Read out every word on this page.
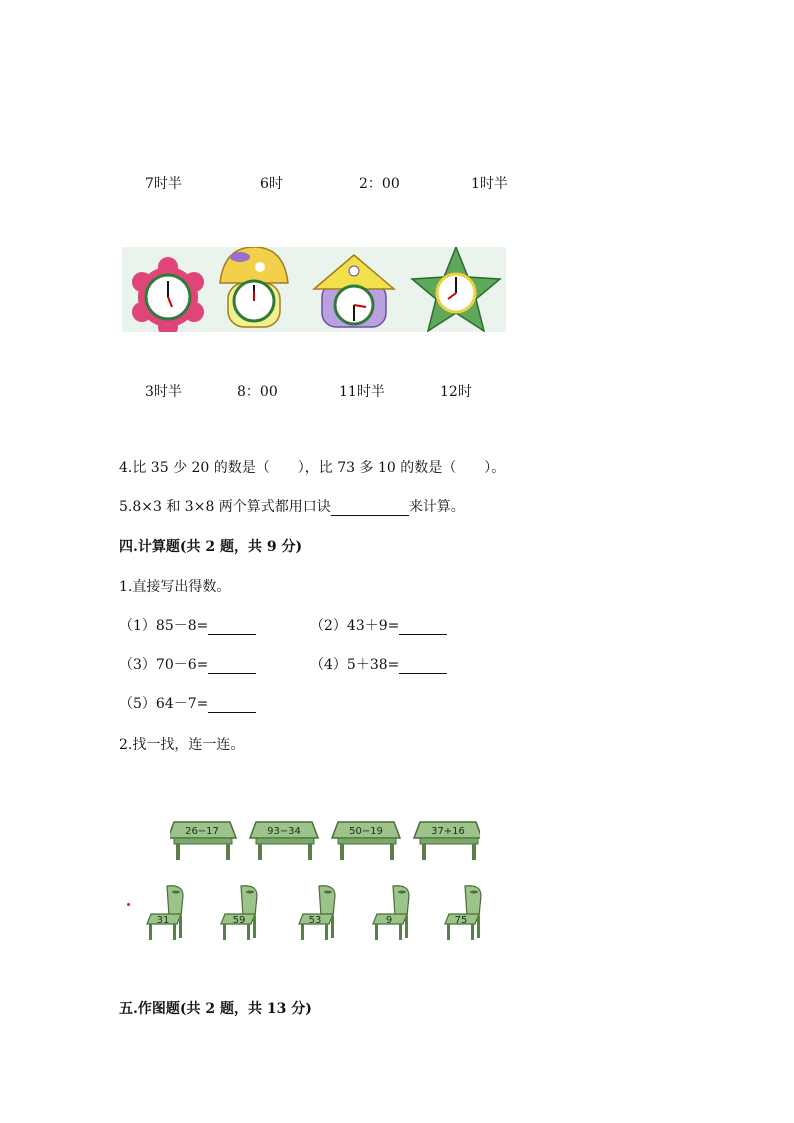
7时半	6时	2：00	1时半
3时半	8：00	11时半	12时
4.比 35 少 20 的数是（　　），比 73 多 10 的数是（　　）。
5.8×3 和 3×8 两个算式都用口诀	来计算。
四.计算题(共 2 题，共 9 分)
1.直接写出得数。
（1）85－8=	（2）43＋9=
（3）70－6=	（4）5＋38=
（5）64－7=
2.找一找，连一连。
26−17	93−34	50−19	37+16
31	59	53	9	75
五.作图题(共 2 题，共 13 分)
